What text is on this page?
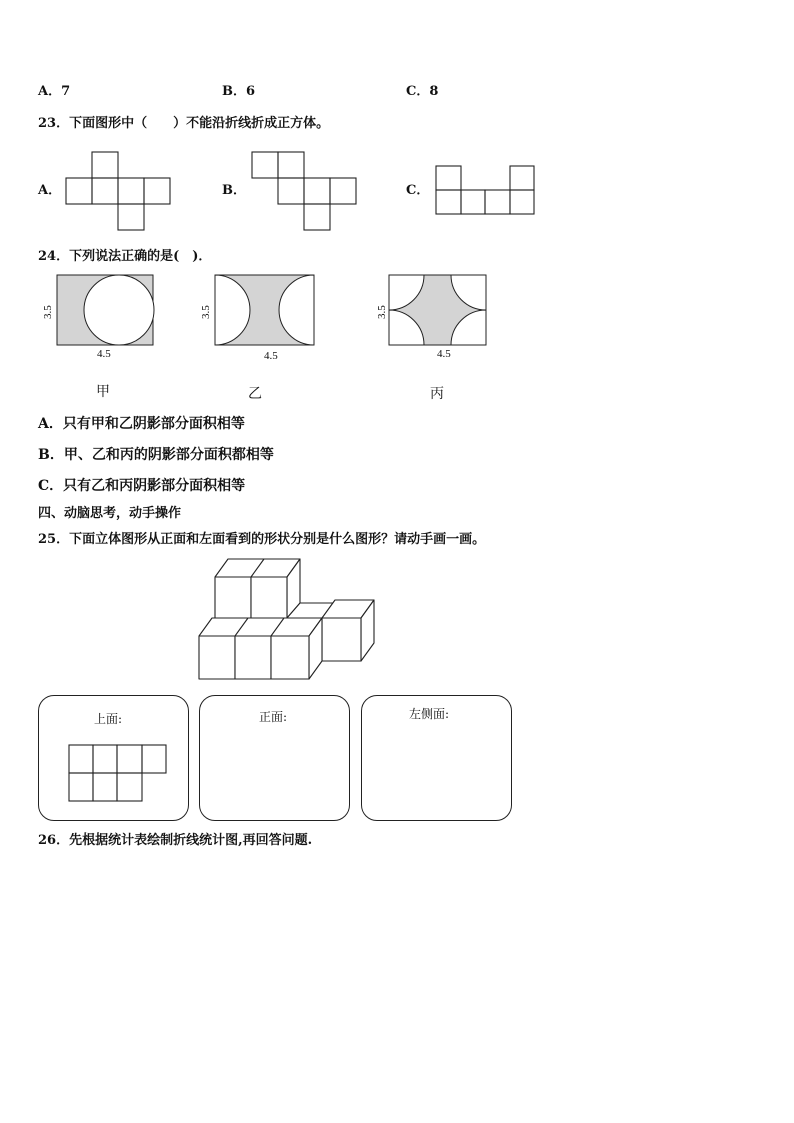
A．7	B．6	C．8
23．下面图形中（　　）不能沿折线折成正方体。
A．	B．	C．
24．下列说法正确的是(　)．
3.5
4.5
3.5
4.5
3.5
4.5
甲	乙	丙
A．只有甲和乙阴影部分面积相等
B．甲、乙和丙的阴影部分面积都相等
C．只有乙和丙阴影部分面积相等
四、动脑思考，动手操作
25．下面立体图形从正面和左面看到的形状分别是什么图形？请动手画一画。
上面:	正面:	左侧面:
26．先根据统计表绘制折线统计图,再回答问题.
